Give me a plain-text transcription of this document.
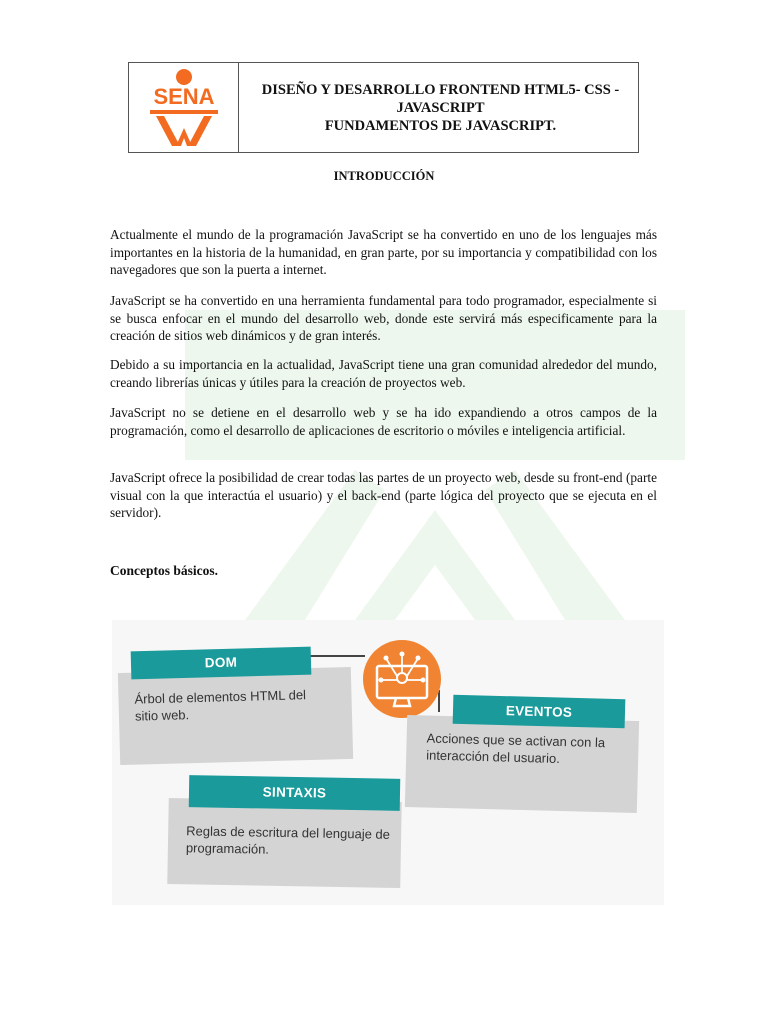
SENA	DISEÑO Y DESARROLLO FRONTEND HTML5- CSS -
JAVASCRIPT
FUNDAMENTOS DE JAVASCRIPT.
INTRODUCCIÓN

Actualmente el mundo de la programación JavaScript se ha convertido en uno de los lenguajes más importantes en la historia de la humanidad, en gran parte, por su importancia y compatibilidad con los navegadores que son la puerta a internet.

JavaScript se ha convertido en una herramienta fundamental para todo programador, especialmente si se busca enfocar en el mundo del desarrollo web, donde este servirá más especificamente para la creación de sitios web dinámicos y de gran interés.

Debido a su importancia en la actualidad, JavaScript tiene una gran comunidad alrededor del mundo, creando librerías únicas y útiles para la creación de proyectos web.

JavaScript no se detiene en el desarrollo web y se ha ido expandiendo a otros campos de la programación, como el desarrollo de aplicaciones de escritorio o móviles e inteligencia artificial.

JavaScript ofrece la posibilidad de crear todas las partes de un proyecto web, desde su front-end (parte visual con la que interactúa el usuario) y el back-end (parte lógica del proyecto que se ejecuta en el servidor).

Conceptos básicos.
Árbol de elementos HTML del sitio web.
DOM
Acciones que se activan con la interacción del usuario.
EVENTOS
Reglas de escritura del lenguaje de programación.
SINTAXIS
